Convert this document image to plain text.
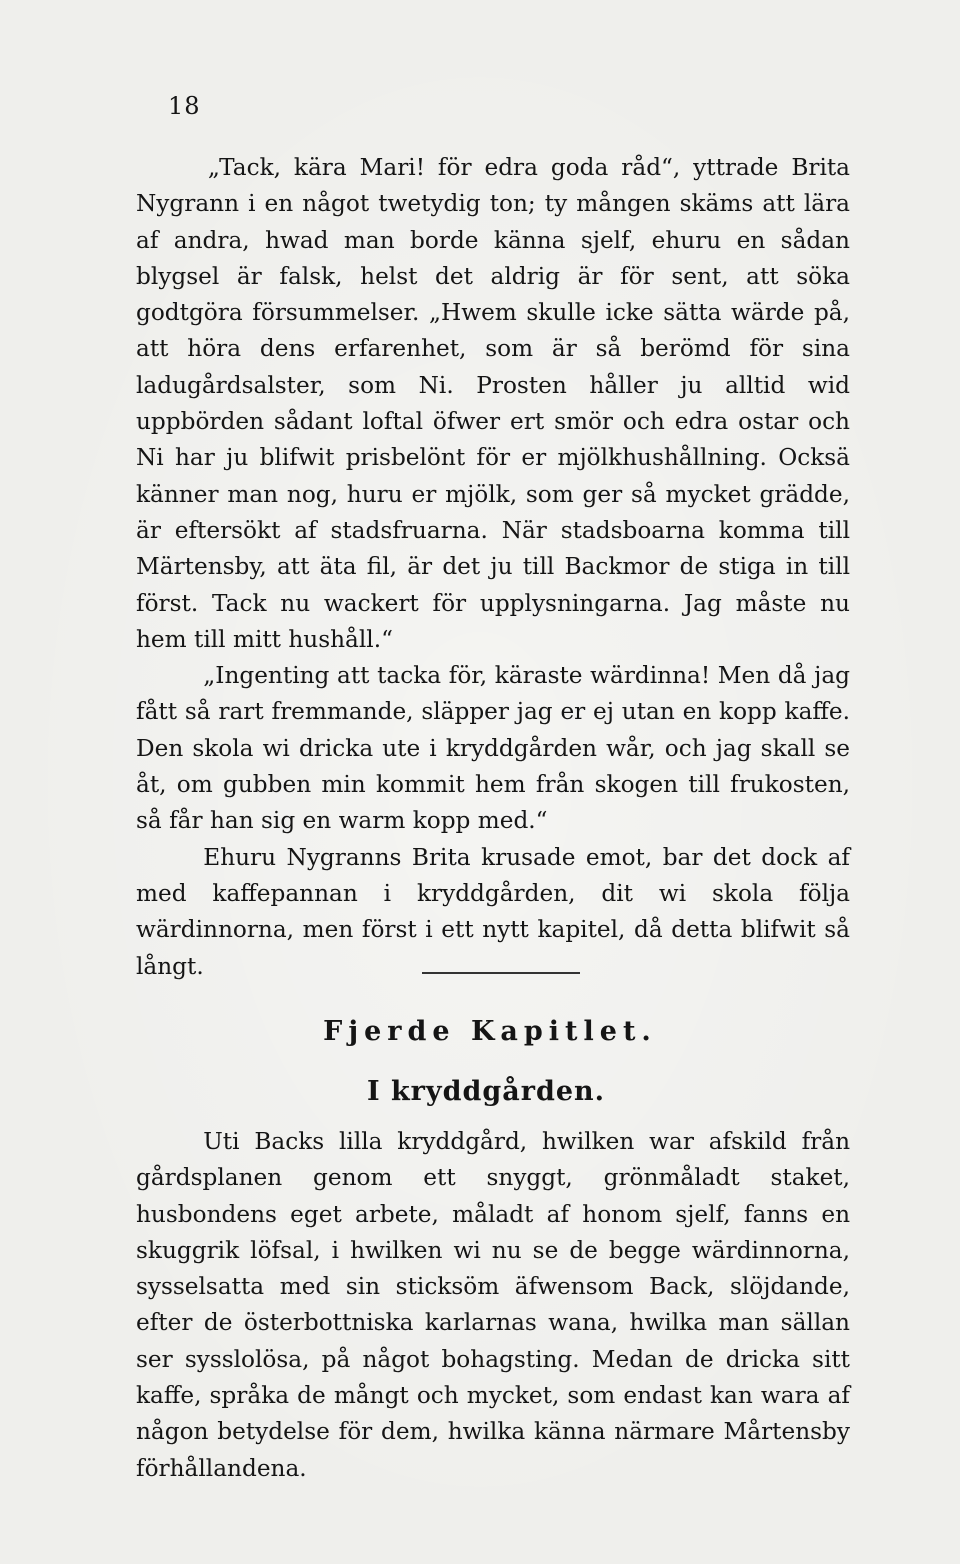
18

„Tack, kära Mari! för edra goda råd“, yttrade Brita Nygrann i en något twetydig ton; ty mången skäms att lära af andra, hwad man borde känna sjelf, ehuru en sådan blygsel är falsk, helst det aldrig är för sent, att söka godtgöra försummelser. „Hwem skulle icke sätta wärde på, att höra dens erfarenhet, som är så berömd för sina ladugårdsalster, som Ni. Prosten håller ju alltid wid uppbörden sådant loftal öfwer ert smör och edra ostar och Ni har ju blifwit prisbelönt för er mjölkhushållning. Ocksä känner man nog, huru er mjölk, som ger så mycket grädde, är eftersökt af stadsfruarna. När stadsboarna komma till Märtensby, att äta fil, är det ju till Backmor de stiga in till först. Tack nu wackert för upplysningarna. Jag måste nu hem till mitt hushåll.“

„Ingenting att tacka för, käraste wärdinna! Men då jag fått så rart fremmande, släpper jag er ej utan en kopp kaffe. Den skola wi dricka ute i kryddgården wår, och jag skall se åt, om gubben min kommit hem från skogen till frukosten, så får han sig en warm kopp med.“

Ehuru Nygranns Brita krusade emot, bar det dock af med kaffepannan i kryddgården, dit wi skola följa wärdinnorna, men först i ett nytt kapitel, då detta blifwit så långt.

Fjerde Kapitlet.
I kryddgården.

Uti Backs lilla kryddgård, hwilken war afskild från gårdsplanen genom ett snyggt, grönmåladt staket, husbondens eget arbete, måladt af honom sjelf, fanns en skuggrik löfsal, i hwilken wi nu se de begge wärdinnorna, sysselsatta med sin sticksöm äfwensom Back, slöjdande, efter de österbottniska karlarnas wana, hwilka man sällan ser sysslolösa, på något bohagsting. Medan de dricka sitt kaffe, språka de mångt och mycket, som endast kan wara af någon betydelse för dem, hwilka känna närmare Mårtensby förhållandena.
